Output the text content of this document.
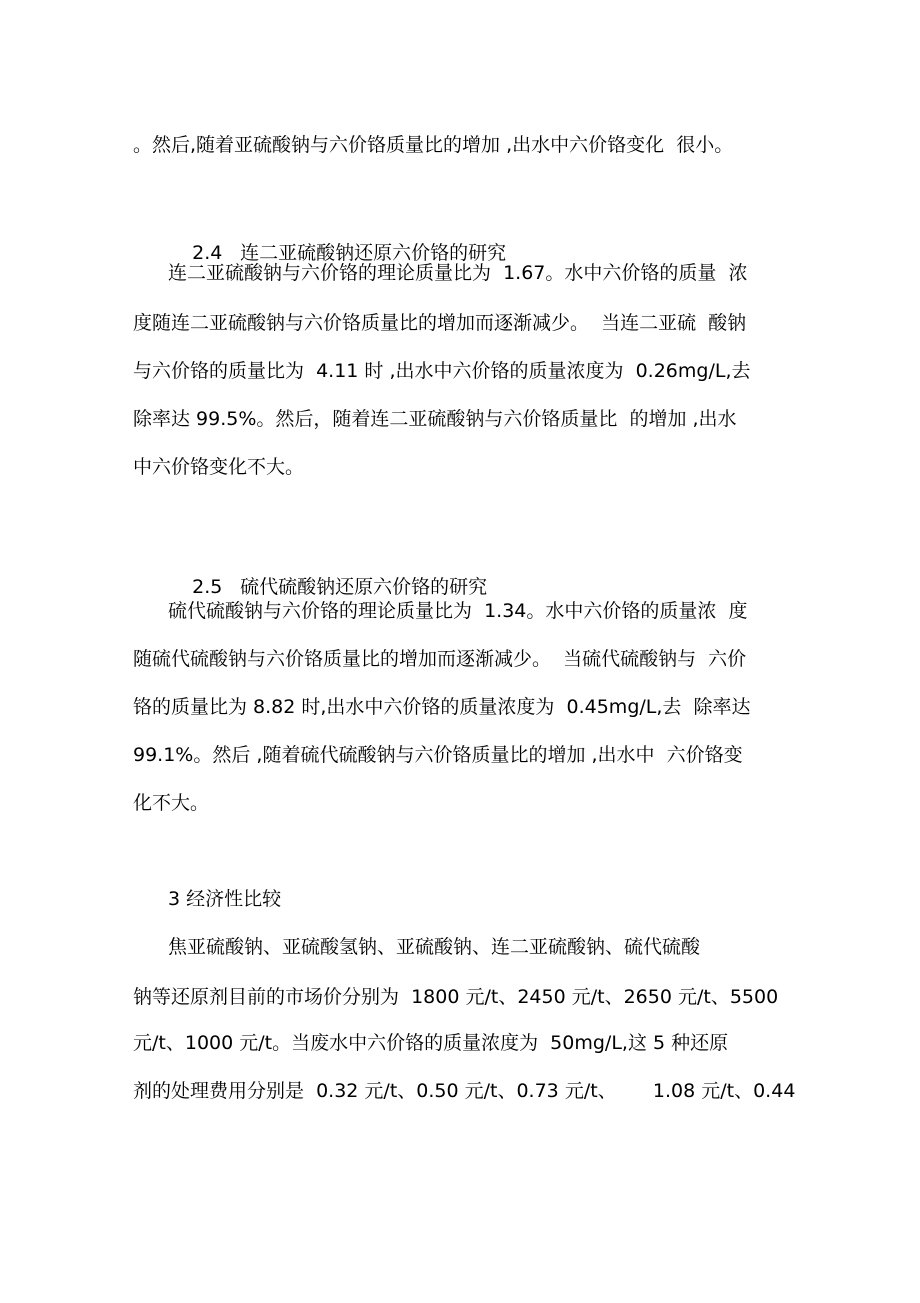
。然后,随着亚硫酸钠与六价铬质量比的增加 ,出水中六价铬变化  很小。

2.4 连二亚硫酸钠还原六价铬的研究

连二亚硫酸钠与六价铬的理论质量比为  1.67。水中六价铬的质量  浓
度随连二亚硫酸钠与六价铬质量比的增加而逐渐减少。  当连二亚硫  酸钠
与六价铬的质量比为  4.11 时 ,出水中六价铬的质量浓度为  0.26mg/L,去
除率达 99.5%。然后，随着连二亚硫酸钠与六价铬质量比  的增加 ,出水
中六价铬变化不大。

2.5 硫代硫酸钠还原六价铬的研究

硫代硫酸钠与六价铬的理论质量比为  1.34。水中六价铬的质量浓  度
随硫代硫酸钠与六价铬质量比的增加而逐渐减少。  当硫代硫酸钠与  六价
铬的质量比为 8.82 时,出水中六价铬的质量浓度为  0.45mg/L,去  除率达
99.1%。然后 ,随着硫代硫酸钠与六价铬质量比的增加 ,出水中  六价铬变
化不大。
3 经济性比较
焦亚硫酸钠、亚硫酸氢钠、亚硫酸钠、连二亚硫酸钠、硫代硫酸
钠等还原剂目前的市场价分别为  1800 元/t、2450 元/t、2650 元/t、5500
元/t、1000 元/t。当废水中六价铬的质量浓度为  50mg/L,这 5 种还原
剂的处理费用分别是  0.32 元/t、0.50 元/t、0.73 元/t、      1.08 元/t、0.44
